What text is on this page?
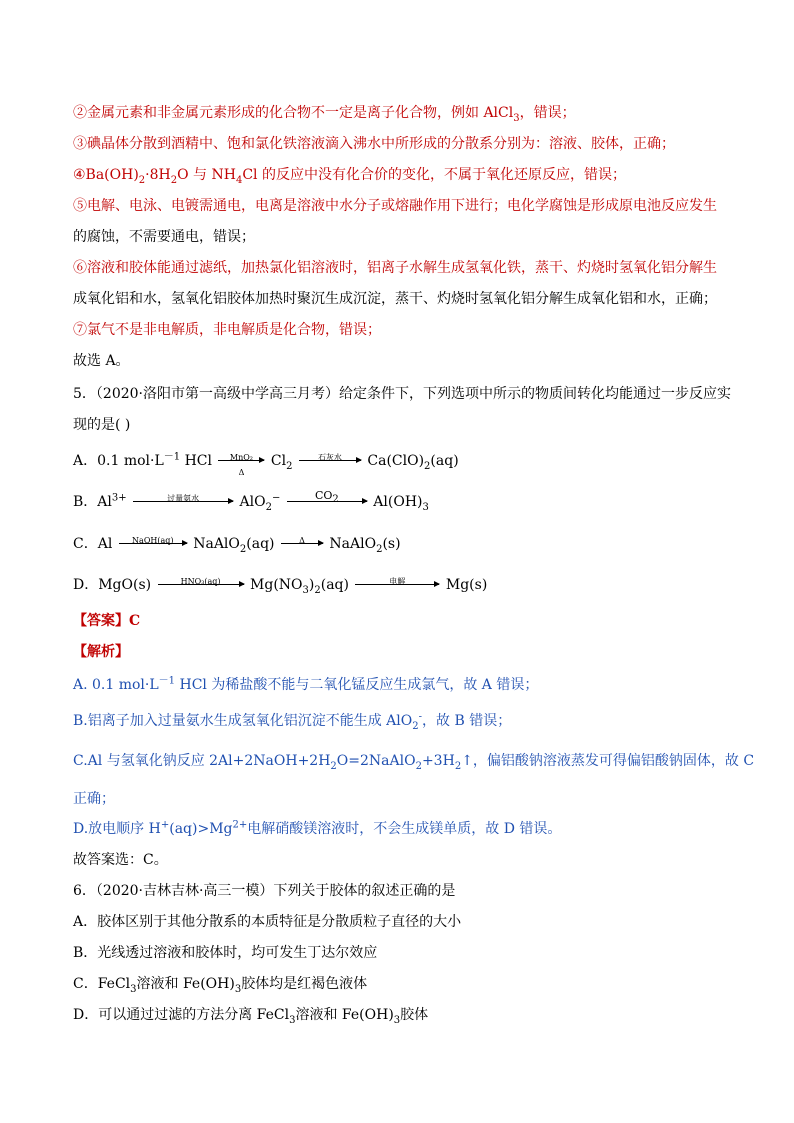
②金属元素和非金属元素形成的化合物不一定是离子化合物，例如 AlCl$_3$，错误；
③碘晶体分散到酒精中、饱和氯化铁溶液滴入沸水中所形成的分散系分别为：溶液、胶体，正确；
$④Ba(OH)_2\cdot 8H_2O$ 与 $NH_4Cl$ 的反应中没有化合价的变化，不属于氧化还原反应，错误；
⑤电解、电泳、电镀需通电，电离是溶液中水分子或熔融作用下进行；电化学腐蚀是形成原电池反应发生
的腐蚀，不需要通电，错误；
⑥溶液和胶体能通过滤纸，加热氯化铝溶液时，铝离子水解生成氢氧化铁，蒸干、灼烧时氢氧化铝分解生
成氧化铝和水，氢氧化铝胶体加热时聚沉生成沉淀，蒸干、灼烧时氢氧化铝分解生成氧化铝和水，正确；
⑦氯气不是非电解质，非电解质是化合物，错误；
故选 A。
5．（2020·洛阳市第一高级中学高三月考）给定条件下，下列选项中所示的物质间转化均能通过一步反应实
现的是( )
A．0.1 $mol\cdot L^{-1}$ HCl	MnO₂
Δ
$Cl_2$
石灰水	$Ca(ClO)_2(aq)$
B．$Al^{3+}$	过量氨水	AlO$_2$−	$CO_2$	$Al(OH)_3$
C．Al	NaOH(aq)	NaAlO$_2$(aq)	Δ	NaAlO$_2$(s)
D．MgO(s)	HNO₃(aq)	$Mg(NO_3)_2(aq)$	电解	Mg(s)
【答案】C
【解析】
A. 0.1 $mol\cdot L^{-1}$ HCl 为稀盐酸不能与二氧化锰反应生成氯气，故 A 错误；
B.铝离子加入过量氨水生成氢氧化铝沉淀不能生成 AlO$_2$-，故 B 错误；
C.Al 与氢氧化钠反应 $2Al+2NaOH+2H_2O=2NaAlO_2+3H_2↑$，偏铝酸钠溶液蒸发可得偏铝酸钠固体，故 C
正确；
D.放电顺序 $H^+(aq)>Mg^{2+}$电解硝酸镁溶液时，不会生成镁单质，故 D 错误。
故答案选：C。
6．（2020·吉林吉林·高三一模）下列关于胶体的叙述正确的是
A．胶体区别于其他分散系的本质特征是分散质粒子直径的大小
B．光线透过溶液和胶体时，均可发生丁达尔效应
C．FeCl$_3$溶液和 $Fe(OH)_3$胶体均是红褐色液体
D．可以通过过滤的方法分离 FeCl$_3$溶液和 $Fe(OH)_3$胶体
